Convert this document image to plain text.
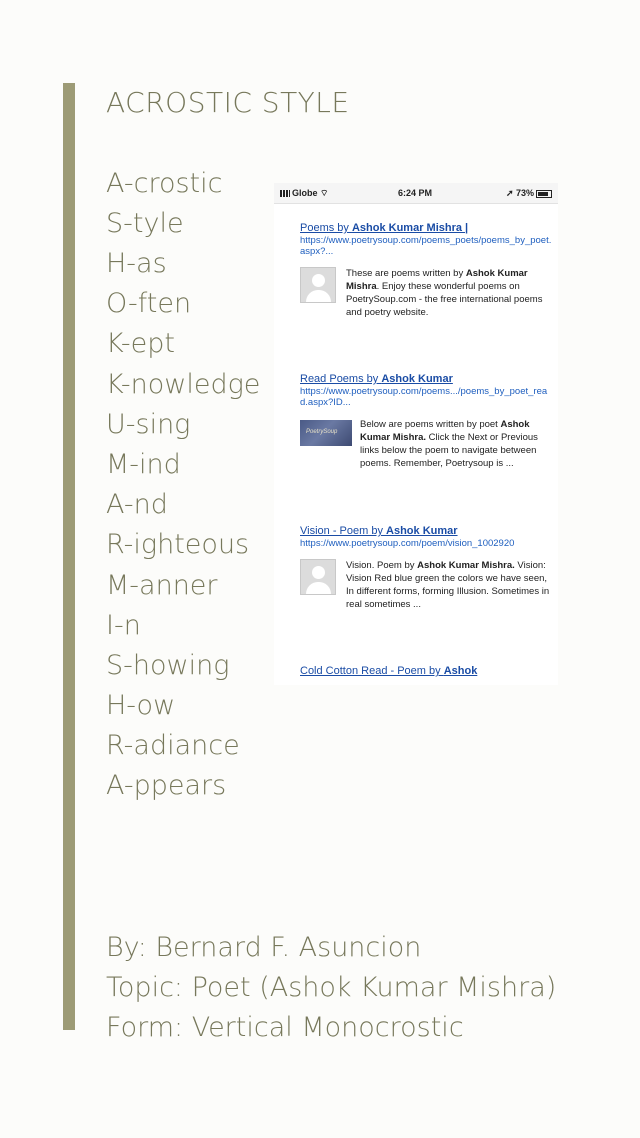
ACROSTIC STYLE
A-crostic
S-tyle
H-as
O-ften
K-ept
K-nowledge
U-sing
M-ind
A-nd
R-ighteous
M-anner
I-n
S-howing
H-ow
R-adiance
A-ppears
By: Bernard F. Asuncion
Topic: Poet (Ashok Kumar Mishra)
Form: Vertical Monocrostic
Globe ⌔	6:24 PM	➚ 73%
Poems by Ashok Kumar Mishra |
https://www.poetrysoup.com/poems_poets/poems_by_poet.aspx?...
These are poems written by Ashok Kumar Mishra. Enjoy these wonderful poems on PoetrySoup.com - the free international poems and poetry website.
Read Poems by Ashok Kumar
https://www.poetrysoup.com/poems.../poems_by_poet_read.aspx?ID...
PoetrySoup
Below are poems written by poet Ashok Kumar Mishra. Click the Next or Previous links below the poem to navigate between poems. Remember, Poetrysoup is ...
Vision - Poem by Ashok Kumar
https://www.poetrysoup.com/poem/vision_1002920
Vision. Poem by Ashok Kumar Mishra. Vision: Vision Red blue green the colors we have seen, In different forms, forming Illusion. Sometimes in real sometimes ...
Cold Cotton Read - Poem by Ashok
